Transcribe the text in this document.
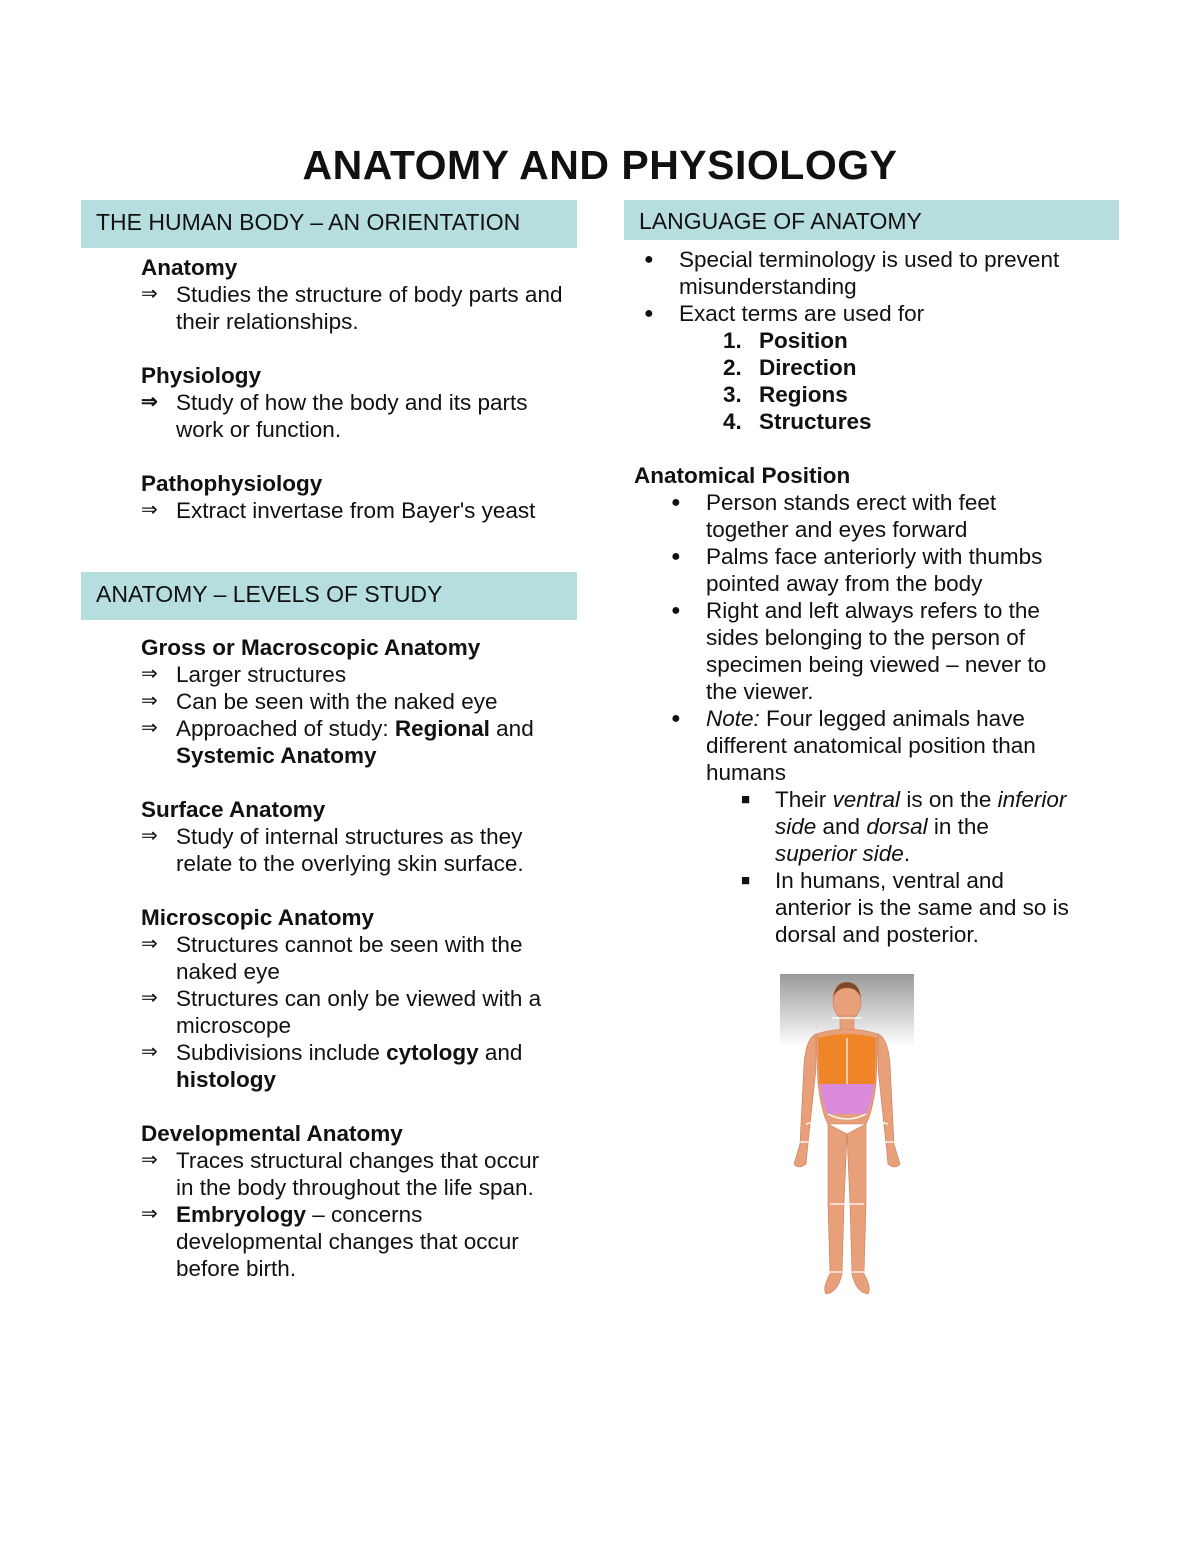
ANATOMY AND PHYSIOLOGY
THE HUMAN BODY – AN ORIENTATION

Anatomy

⇒ Studies the structure of body parts and their relationships.

Physiology

⇒ Study of how the body and its parts work or function.

Pathophysiology

⇒ Extract invertase from Bayer's yeast
ANATOMY – LEVELS OF STUDY

Gross or Macroscopic Anatomy

⇒ Larger structures
⇒ Can be seen with the naked eye
⇒ Approached of study: Regional and Systemic Anatomy

Surface Anatomy

⇒ Study of internal structures as they relate to the overlying skin surface.

Microscopic Anatomy

⇒ Structures cannot be seen with the naked eye
⇒ Structures can only be viewed with a microscope
⇒ Subdivisions include cytology and histology

Developmental Anatomy

⇒ Traces structural changes that occur in the body throughout the life span.
⇒ Embryology – concerns developmental changes that occur before birth.
LANGUAGE OF ANATOMY
● Special terminology is used to prevent misunderstanding
● Exact terms are used for
1. Position
2. Direction
3. Regions
4. Structures

Anatomical Position

● Person stands erect with feet together and eyes forward
● Palms face anteriorly with thumbs pointed away from the body
● Right and left always refers to the sides belonging to the person of specimen being viewed – never to the viewer.
● Note: Four legged animals have different anatomical position than humans
■ Their ventral is on the inferior side and dorsal in the superior side.
■ In humans, ventral and anterior is the same and so is dorsal and posterior.
